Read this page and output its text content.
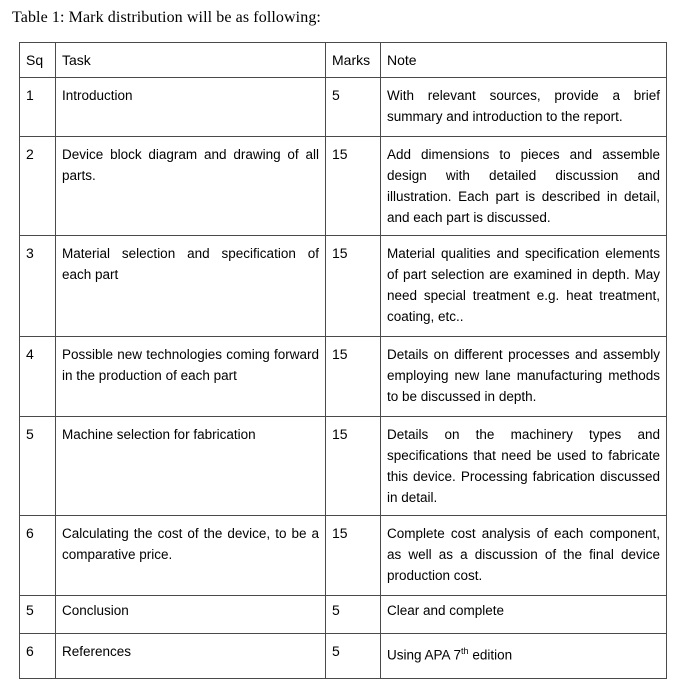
Table 1: Mark distribution will be as following:
Sq	Task	Marks	Note
1	Introduction	5	With relevant sources, provide a brief summary and introduction to the report.
2	Device block diagram and drawing of all parts.	15	Add dimensions to pieces and assemble design with detailed discussion and illustration. Each part is described in detail, and each part is discussed.
3	Material selection and specification of each part	15	Material qualities and specification elements of part selection are examined in depth. May need special treatment e.g. heat treatment, coating, etc..
4	Possible new technologies coming forward in the production of each part	15	Details on different processes and assembly employing new lane manufacturing methods to be discussed in depth.
5	Machine selection for fabrication	15	Details on the machinery types and specifications that need be used to fabricate this device. Processing fabrication discussed in detail.
6	Calculating the cost of the device, to be a comparative price.	15	Complete cost analysis of each component, as well as a discussion of the final device production cost.
5	Conclusion	5	Clear and complete
6	References	5	Using APA 7th edition
